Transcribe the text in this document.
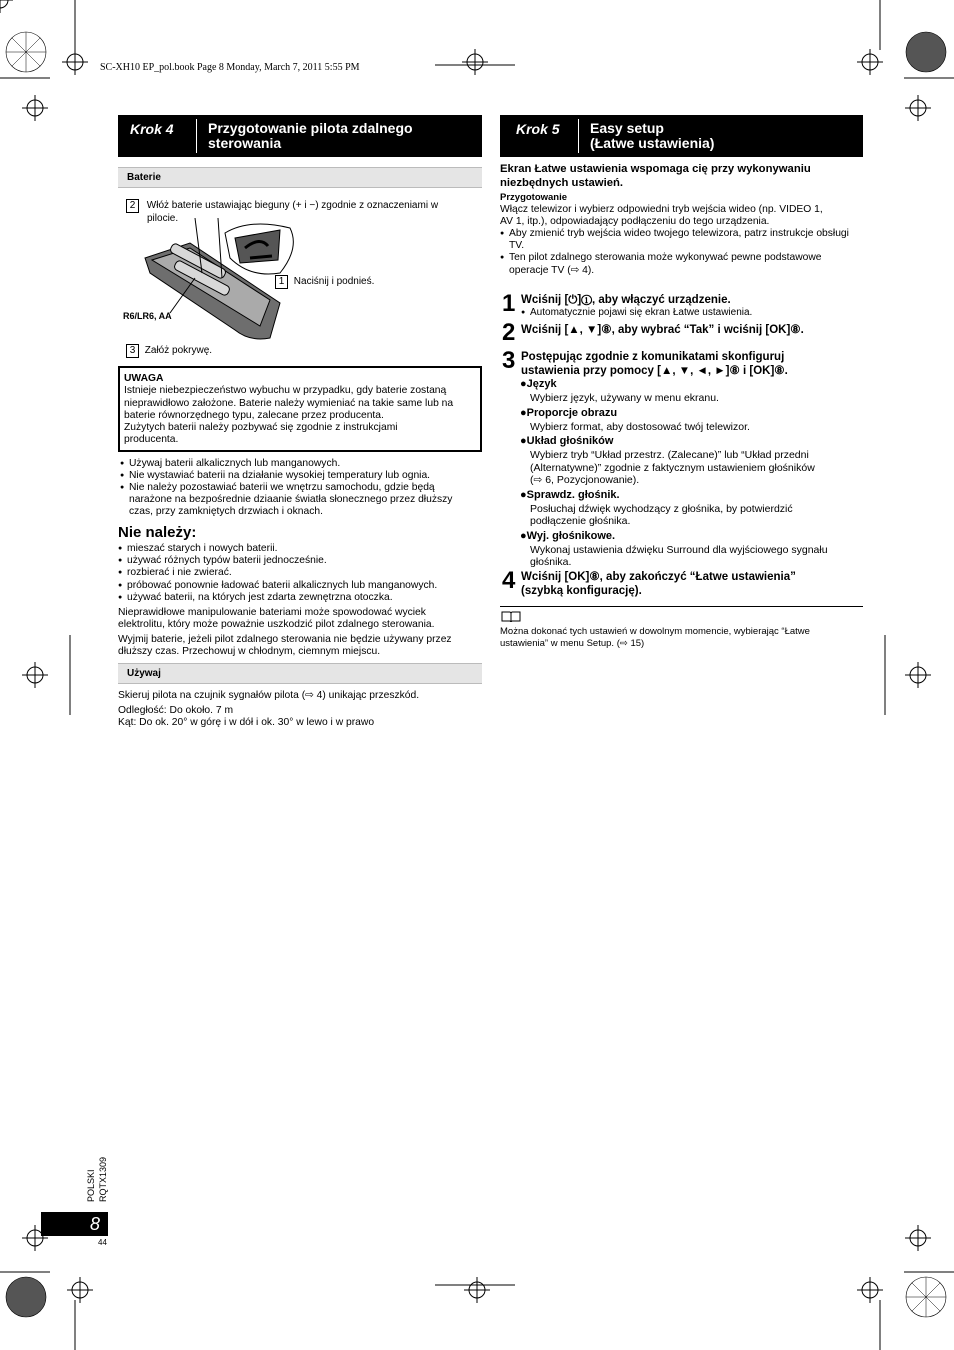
SC-XH10 EP_pol.book Page 8 Monday, March 7, 2011 5:55 PM
Krok 4 Przygotowanie pilota zdalnego
sterowania
Baterie
2 Włóż baterie ustawiając bieguny (+ i −) zgodnie z oznaczeniami w
pilocie.
1 Naciśnij i podnieś.
R6/LR6, AA
3 Załóż pokrywę.
UWAGA
Istnieje niebezpieczeństwo wybuchu w przypadku, gdy baterie zostaną
nieprawidłowo założone. Baterie należy wymieniać na takie same lub na
baterie równorzędnego typu, zalecane przez producenta.
Zużytych baterii należy pozbywać się zgodnie z instrukcjami
producenta.
● Używaj baterii alkalicznych lub manganowych.
● Nie wystawiać baterii na działanie wysokiej temperatury lub ognia.
● Nie należy pozostawiać baterii we wnętrzu samochodu, gdzie będą narażone na bezpośrednie dziaanie światła słonecznego przez dłuższy czas, przy zamkniętych drzwiach i oknach.
Nie należy:
● mieszać starych i nowych baterii.
● używać różnych typów baterii jednocześnie.
● rozbierać i nie zwierać.
● próbować ponownie ładować baterii alkalicznych lub manganowych.
● używać baterii, na których jest zdarta zewnętrzna otoczka.
Nieprawidłowe manipulowanie bateriami może spowodować wyciek
elektrolitu, który może poważnie uszkodzić pilot zdalnego sterowania.
Wyjmij baterie, jeżeli pilot zdalnego sterowania nie będzie używany przez
dłuższy czas. Przechowuj w chłodnym, ciemnym miejscu.
Używaj
Skieruj pilota na czujnik sygnałów pilota (⇨ 4) unikając przeszkód.
Odległość: Do około. 7 m
Kąt: Do ok. 20° w górę i w dół i ok. 30° w lewo i w prawo
Krok 5 Easy setup
(Łatwe ustawienia)
Ekran Łatwe ustawienia wspomaga cię przy wykonywaniu
niezbędnych ustawień.
Przygotowanie
Włącz telewizor i wybierz odpowiedni tryb wejścia wideo (np. VIDEO 1,
AV 1, itp.), odpowiadający podłączeniu do tego urządzenia.
● Aby zmienić tryb wejścia wideo twojego telewizora, patrz instrukcje obsługi TV.
● Ten pilot zdalnego sterowania może wykonywać pewne podstawowe operacje TV (⇨ 4).
1 Wciśnij [⏻]①, aby włączyć urządzenie.
● Automatycznie pojawi się ekran Łatwe ustawienia.
2 Wciśnij [▲, ▼]⑧, aby wybrać “Tak” i wciśnij [OK]⑧.
3 Postępując zgodnie z komunikatami skonfiguruj
ustawienia przy pomocy [▲, ▼, ◄, ►]⑧ i [OK]⑧.
●Język
Wybierz język, używany w menu ekranu.
●Proporcje obrazu
Wybierz format, aby dostosować twój telewizor.
●Układ głośników
Wybierz tryb “Układ przestrz. (Zalecane)” lub “Układ przedni
(Alternatywne)” zgodnie z faktycznym ustawieniem głośników
(⇨ 6, Pozycjonowanie).
●Sprawdz. głośnik.
Posłuchaj dźwięk wychodzący z głośnika, by potwierdzić
podłączenie głośnika.
●Wyj. głośnikowe.
Wykonaj ustawienia dźwięku Surround dla wyjściowego sygnału
głośnika.
4 Wciśnij [OK]⑧, aby zakończyć “Łatwe ustawienia”
(szybką konfigurację).
Można dokonać tych ustawień w dowolnym momencie, wybierając “Łatwe
ustawienia” w menu Setup. (⇨ 15)
POLSKI RQTX1309
8
44
